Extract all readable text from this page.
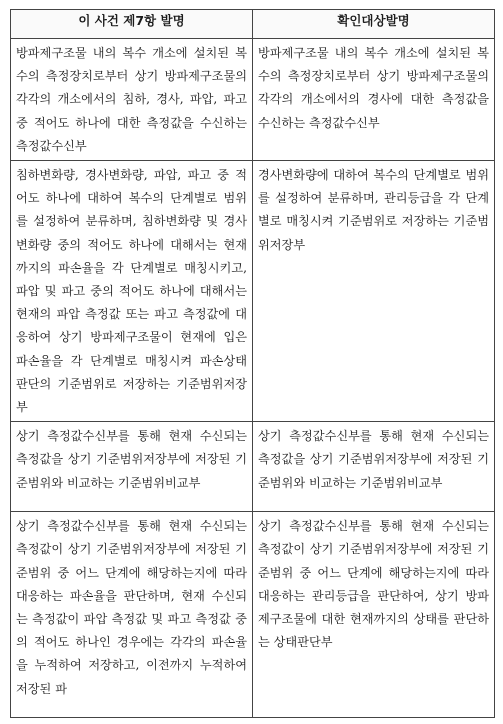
이 사건 제7항 발명	확인대상발명

방파제구조물 내의 복수 개소에 설치된 복수의 측정장치로부터 상기 방파제구조물의 각각의 개소에서의 침하, 경사, 파압, 파고 중 적어도 하나에 대한 측정값을 수신하는 측정값수신부	방파제구조물 내의 복수 개소에 설치된 복수의 측정장치로부터 상기 방파제구조물의 각각의 개소에서의 경사에 대한 측정값을 수신하는 측정값수신부

침하변화량, 경사변화량, 파압, 파고 중 적어도 하나에 대하여 복수의 단계별로 범위를 설정하여 분류하며, 침하변화량 및 경사변화량 중의 적어도 하나에 대해서는 현재까지의 파손율을 각 단계별로 매칭시키고, 파압 및 파고 중의 적어도 하나에 대해서는 현재의 파압 측정값 또는 파고 측정값에 대응하여 상기 방파제구조물이 현재에 입은 파손율을 각 단계별로 매칭시켜 파손상태 판단의 기준범위로 저장하는 기준범위저장부	경사변화량에 대하여 복수의 단계별로 범위를 설정하여 분류하며, 관리등급을 각 단계별로 매칭시켜 기준범위로 저장하는 기준범위저장부

상기 측정값수신부를 통해 현재 수신되는 측정값을 상기 기준범위저장부에 저장된 기준범위와 비교하는 기준범위비교부	상기 측정값수신부를 통해 현재 수신되는 측정값을 상기 기준범위저장부에 저장된 기준범위와 비교하는 기준범위비교부

상기 측정값수신부를 통해 현재 수신되는 측정값이 상기 기준범위저장부에 저장된 기준범위 중 어느 단계에 해당하는지에 따라 대응하는 파손율을 판단하며, 현재 수신되는 측정값이 파압 측정값 및 파고 측정값 중의 적어도 하나인 경우에는 각각의 파손율을 누적하여 저장하고, 이전까지 누적하여 저장된 파	상기 측정값수신부를 통해 현재 수신되는 측정값이 상기 기준범위저장부에 저장된 기준범위 중 어느 단계에 해당하는지에 따라 대응하는 관리등급을 판단하여, 상기 방파제구조물에 대한 현재까지의 상태를 판단하는 상태판단부
